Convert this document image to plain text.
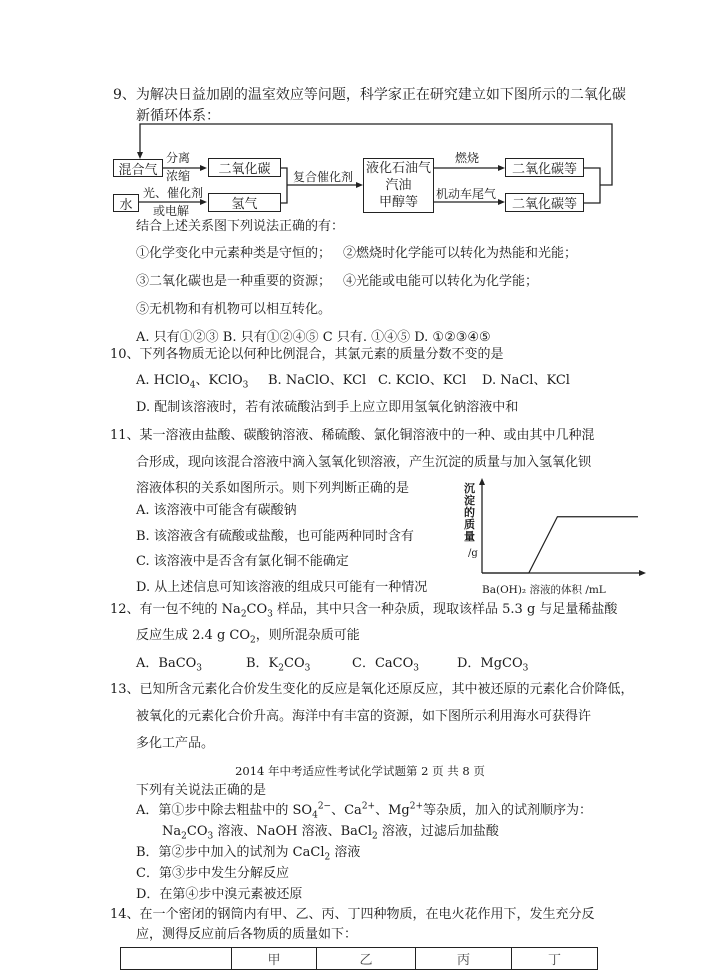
9、为解决日益加剧的温室效应等问题，科学家正在研究建立如下图所示的二氧化碳
新循环体系：
分离
浓缩
光、催化剂
或电解
复合催化剂
燃烧
机动车尾气
混合气	二氧化碳
水	氢气
液化石油气
汽油
甲醇等
二氧化碳等
二氧化碳等
结合上述关系图下列说法正确的有：
①化学变化中元素种类是守恒的； ②燃烧时化学能可以转化为热能和光能；
③二氧化碳也是一种重要的资源； ④光能或电能可以转化为化学能；
⑤无机物和有机物可以相互转化。
A. 只有①②③ B. 只有①②④⑤ C 只有. ①④⑤ D. ①②③④⑤
10、下列各物质无论以何种比例混合，其氯元素的质量分数不变的是
A. HClO$_4$、KClO$_3$ B. NaClO、KCl C. KClO、KCl D. NaCl、KCl
D. 配制该溶液时，若有浓硫酸沾到手上应立即用氢氧化钠溶液中和
11、某一溶液由盐酸、碳酸钠溶液、稀硫酸、氯化铜溶液中的一种、或由其中几种混
合形成，现向该混合溶液中滴入氢氧化钡溶液，产生沉淀的质量与加入氢氧化钡
溶液体积的关系如图所示。则下列判断正确的是
A. 该溶液中可能含有碳酸钠
B. 该溶液含有硫酸或盐酸，也可能两种同时含有
C. 该溶液中是否含有氯化铜不能确定
D. 从上述信息可知该溶液的组成只可能有一种情况
沉
淀
的
质
量
/g
Ba(OH)₂ 溶液的体积 /mL
12、有一包不纯的 $Na_2CO_3$ 样品，其中只含一种杂质，现取该样品 5.3 g 与足量稀盐酸
反应生成 2.4 g $CO_2$，则所混杂质可能
A．BaCO$_3$	B．$K_2CO_3$	C．CaCO$_3$	D．MgCO$_3$
13、已知所含元素化合价发生变化的反应是氧化还原反应，其中被还原的元素化合价降低，
被氧化的元素化合价升高。海洋中有丰富的资源，如下图所示利用海水可获得许
多化工产品。
2014 年中考适应性考试化学试题第 2 页 共 8 页
下列有关说法正确的是
A．第①步中除去粗盐中的 $SO_4^{2-}$、$Ca^{2+}$、$Mg^{2+}$等杂质，加入的试剂顺序为：
$Na_2CO_3$ 溶液、NaOH 溶液、BaCl$_2$ 溶液，过滤后加盐酸
B．第②步中加入的试剂为 CaCl$_2$ 溶液
C．第③步中发生分解反应
D．在第④步中溴元素被还原
14、在一个密闭的钢筒内有甲、乙、丙、丁四种物质，在电火花作用下，发生充分反
应，测得反应前后各物质的质量如下：
	甲	乙	丙	丁
